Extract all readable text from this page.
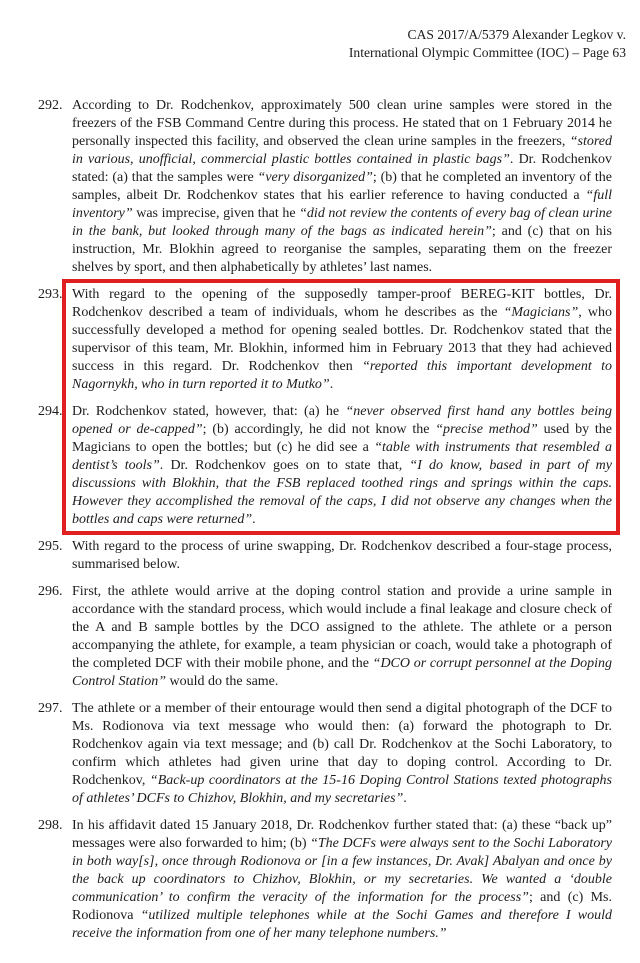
CAS 2017/A/5379 Alexander Legkov v.
International Olympic Committee (IOC) – Page 63
292. According to Dr. Rodchenkov, approximately 500 clean urine samples were stored in the freezers of the FSB Command Centre during this process. He stated that on 1 February 2014 he personally inspected this facility, and observed the clean urine samples in the freezers, “stored in various, unofficial, commercial plastic bottles contained in plastic bags”. Dr. Rodchenkov stated: (a) that the samples were “very disorganized”; (b) that he completed an inventory of the samples, albeit Dr. Rodchenkov states that his earlier reference to having conducted a “full inventory” was imprecise, given that he “did not review the contents of every bag of clean urine in the bank, but looked through many of the bags as indicated herein”; and (c) that on his instruction, Mr. Blokhin agreed to reorganise the samples, separating them on the freezer shelves by sport, and then alphabetically by athletes’ last names.
293. With regard to the opening of the supposedly tamper-proof BEREG-KIT bottles, Dr. Rodchenkov described a team of individuals, whom he describes as the “Magicians”, who successfully developed a method for opening sealed bottles. Dr. Rodchenkov stated that the supervisor of this team, Mr. Blokhin, informed him in February 2013 that they had achieved success in this regard. Dr. Rodchenkov then “reported this important development to Nagornykh, who in turn reported it to Mutko”.
294. Dr. Rodchenkov stated, however, that: (a) he “never observed first hand any bottles being opened or de-capped”; (b) accordingly, he did not know the “precise method” used by the Magicians to open the bottles; but (c) he did see a “table with instruments that resembled a dentist’s tools”. Dr. Rodchenkov goes on to state that, “I do know, based in part of my discussions with Blokhin, that the FSB replaced toothed rings and springs within the caps. However they accomplished the removal of the caps, I did not observe any changes when the bottles and caps were returned”.
295. With regard to the process of urine swapping, Dr. Rodchenkov described a four-stage process, summarised below.
296. First, the athlete would arrive at the doping control station and provide a urine sample in accordance with the standard process, which would include a final leakage and closure check of the A and B sample bottles by the DCO assigned to the athlete. The athlete or a person accompanying the athlete, for example, a team physician or coach, would take a photograph of the completed DCF with their mobile phone, and the “DCO or corrupt personnel at the Doping Control Station” would do the same.
297. The athlete or a member of their entourage would then send a digital photograph of the DCF to Ms. Rodionova via text message who would then: (a) forward the photograph to Dr. Rodchenkov again via text message; and (b) call Dr. Rodchenkov at the Sochi Laboratory, to confirm which athletes had given urine that day to doping control. According to Dr. Rodchenkov, “Back-up coordinators at the 15-16 Doping Control Stations texted photographs of athletes’ DCFs to Chizhov, Blokhin, and my secretaries”.
298. In his affidavit dated 15 January 2018, Dr. Rodchenkov further stated that: (a) these “back up” messages were also forwarded to him; (b) “The DCFs were always sent to the Sochi Laboratory in both way[s], once through Rodionova or [in a few instances, Dr. Avak] Abalyan and once by the back up coordinators to Chizhov, Blokhin, or my secretaries. We wanted a ‘double communication’ to confirm the veracity of the information for the process”; and (c) Ms. Rodionova “utilized multiple telephones while at the Sochi Games and therefore I would receive the information from one of her many telephone numbers.”
